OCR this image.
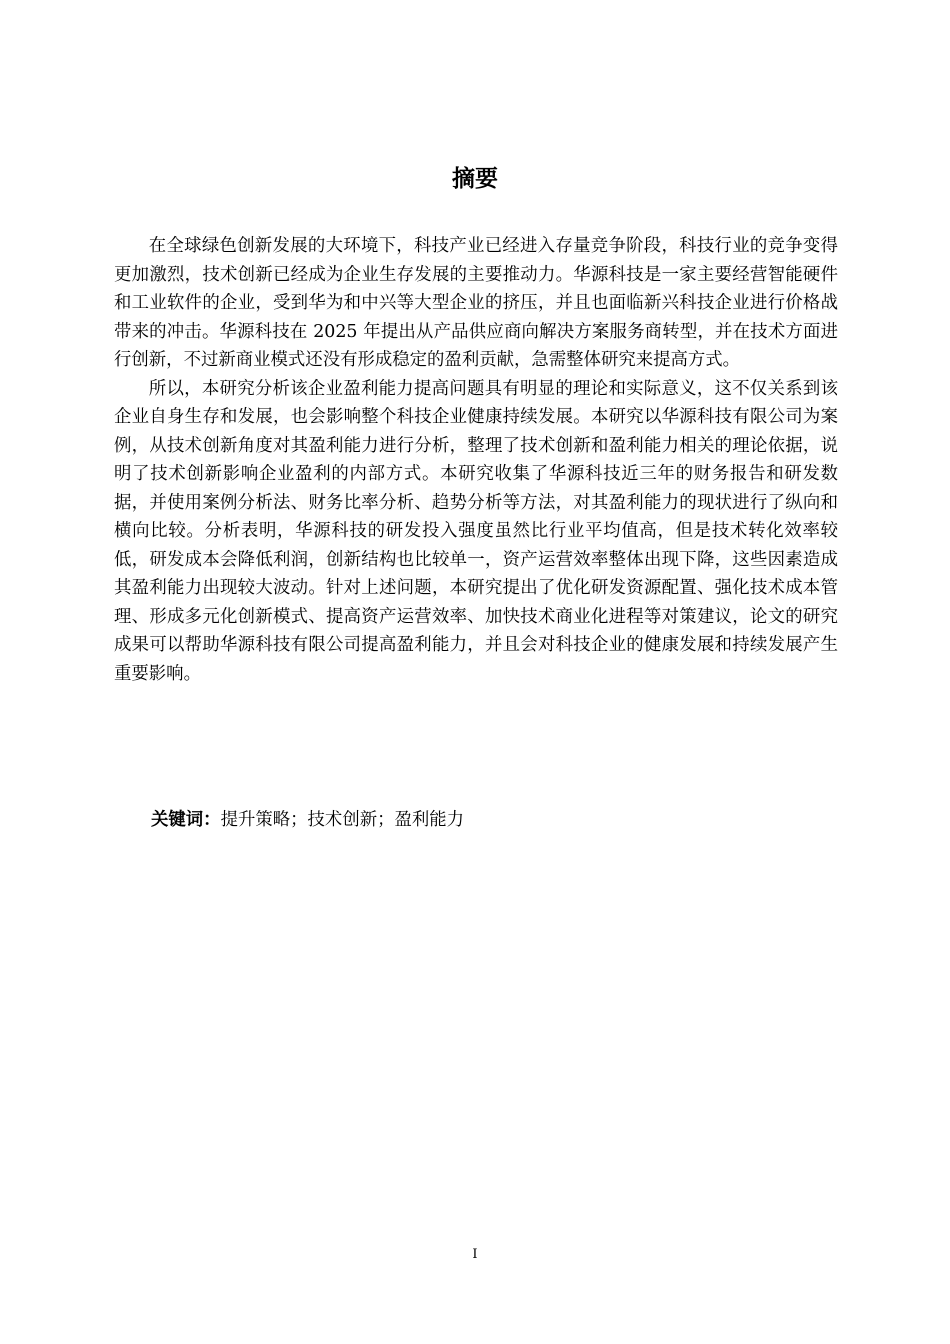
摘要

在全球绿色创新发展的大环境下，科技产业已经进入存量竞争阶段，科技行业的竞争变得更加激烈，技术创新已经成为企业生存发展的主要推动力。华源科技是一家主要经营智能硬件和工业软件的企业，受到华为和中兴等大型企业的挤压，并且也面临新兴科技企业进行价格战带来的冲击。华源科技在 2025 年提出从产品供应商向解决方案服务商转型，并在技术方面进行创新，不过新商业模式还没有形成稳定的盈利贡献，急需整体研究来提高方式。

所以，本研究分析该企业盈利能力提高问题具有明显的理论和实际意义，这不仅关系到该企业自身生存和发展，也会影响整个科技企业健康持续发展。本研究以华源科技有限公司为案例，从技术创新角度对其盈利能力进行分析，整理了技术创新和盈利能力相关的理论依据，说明了技术创新影响企业盈利的内部方式。本研究收集了华源科技近三年的财务报告和研发数据，并使用案例分析法、财务比率分析、趋势分析等方法，对其盈利能力的现状进行了纵向和横向比较。分析表明，华源科技的研发投入强度虽然比行业平均值高，但是技术转化效率较低，研发成本会降低利润，创新结构也比较单一，资产运营效率整体出现下降，这些因素造成其盈利能力出现较大波动。针对上述问题，本研究提出了优化研发资源配置、强化技术成本管理、形成多元化创新模式、提高资产运营效率、加快技术商业化进程等对策建议，论文的研究成果可以帮助华源科技有限公司提高盈利能力，并且会对科技企业的健康发展和持续发展产生重要影响。

关键词：提升策略；技术创新；盈利能力
I
